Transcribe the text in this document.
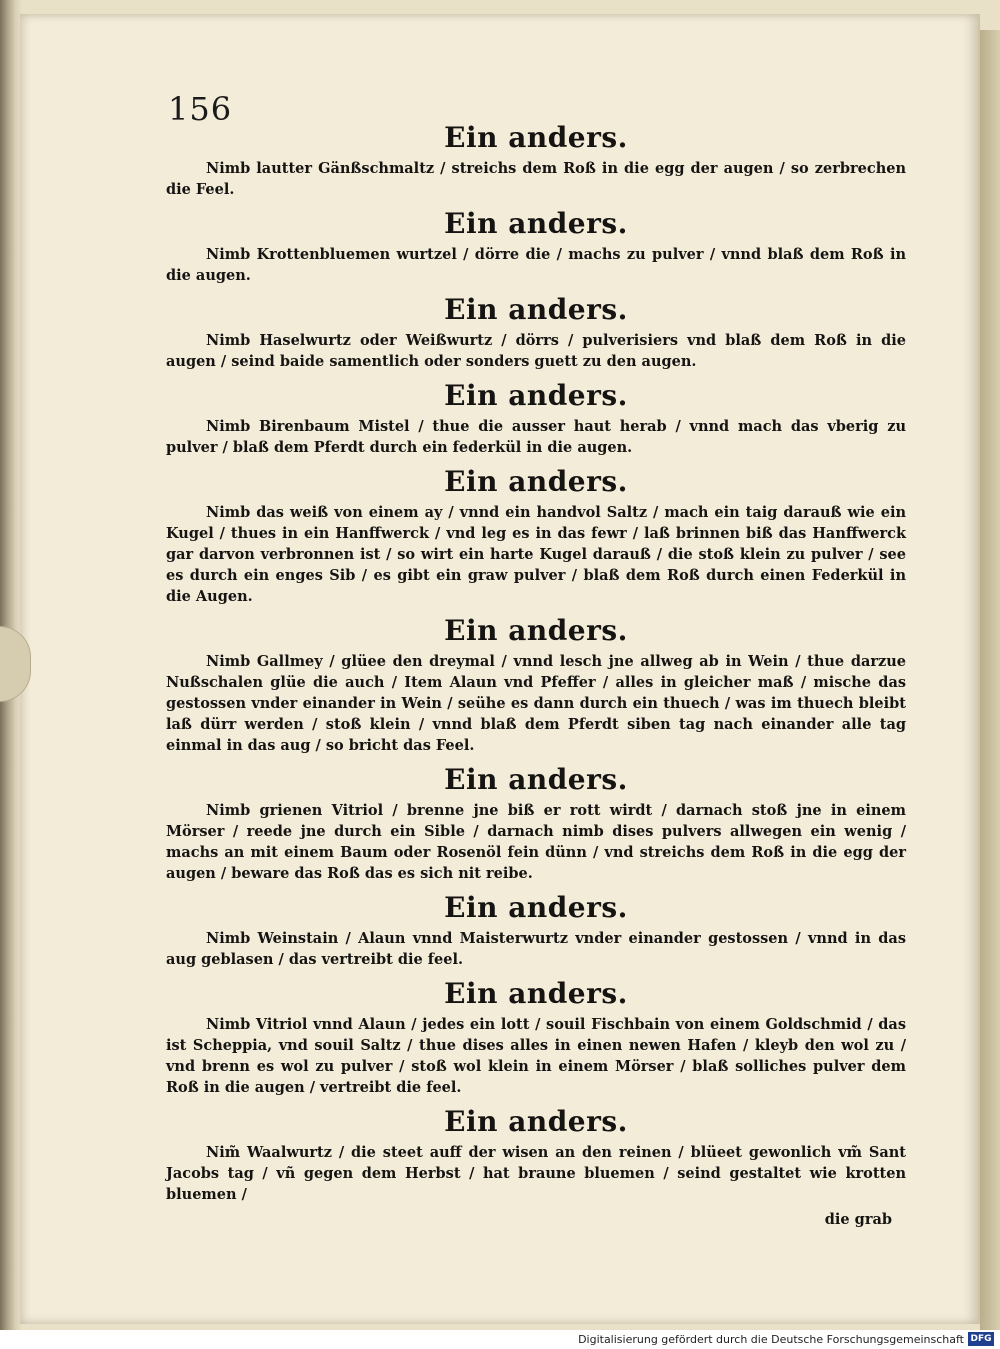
156
Ein anders.

Nimb lautter Gänßschmaltz / streichs dem Roß in die egg der augen / so zerbrechen die Feel.

Ein anders.

Nimb Krottenbluemen wurtzel / dörre die / machs zu pulver / vnnd blaß dem Roß in die augen.

Ein anders.

Nimb Haselwurtz oder Weißwurtz / dörrs / pulverisiers vnd blaß dem Roß in die augen / seind baide samentlich oder sonders guett zu den augen.

Ein anders.

Nimb Birenbaum Mistel / thue die ausser haut herab / vnnd mach das vberig zu pulver / blaß dem Pferdt durch ein federkül in die augen.

Ein anders.

Nimb das weiß von einem ay / vnnd ein handvol Saltz / mach ein taig darauß wie ein Kugel / thues in ein Hanffwerck / vnd leg es in das fewr / laß brinnen biß das Hanffwerck gar darvon verbronnen ist / so wirt ein harte Kugel darauß / die stoß klein zu pulver / see es durch ein enges Sib / es gibt ein graw pulver / blaß dem Roß durch einen Federkül in die Augen.

Ein anders.

Nimb Gallmey / glüee den dreymal / vnnd lesch jne allweg ab in Wein / thue darzue Nußschalen glüe die auch / Item Alaun vnd Pfeffer / alles in gleicher maß / mische das gestossen vnder einander in Wein / seühe es dann durch ein thuech / was im thuech bleibt laß dürr werden / stoß klein / vnnd blaß dem Pferdt siben tag nach einander alle tag einmal in das aug / so bricht das Feel.

Ein anders.

Nimb grienen Vitriol / brenne jne biß er rott wirdt / darnach stoß jne in einem Mörser / reede jne durch ein Sible / darnach nimb dises pulvers allwegen ein wenig / machs an mit einem Baum oder Rosenöl fein dünn / vnd streichs dem Roß in die egg der augen / beware das Roß das es sich nit reibe.

Ein anders.

Nimb Weinstain / Alaun vnnd Maisterwurtz vnder einander gestossen / vnnd in das aug geblasen / das vertreibt die feel.

Ein anders.

Nimb Vitriol vnnd Alaun / jedes ein lott / souil Fischbain von einem Goldschmid / das ist Scheppia, vnd souil Saltz / thue dises alles in einen newen Hafen / kleyb den wol zu / vnd brenn es wol zu pulver / stoß wol klein in einem Mörser / blaß solliches pulver dem Roß in die augen / vertreibt die feel.

Ein anders.

Nim̃ Waalwurtz / die steet auff der wisen an den reinen / blüeet gewonlich vm̃ Sant Jacobs tag / vñ gegen dem Herbst / hat braune bluemen / seind gestaltet wie krotten bluemen /

die grab

Digitalisierung gefördert durch die Deutsche Forschungsgemeinschaft DFG
